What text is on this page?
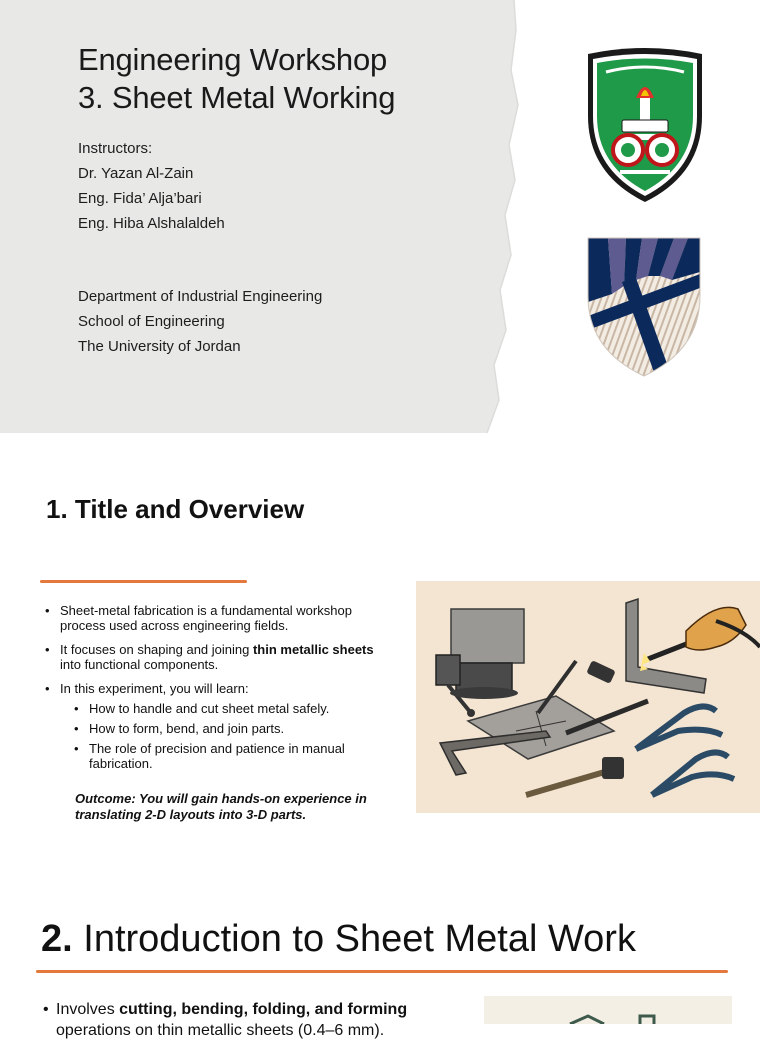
Engineering Workshop
3. Sheet Metal Working
Instructors:
Dr. Yazan Al-Zain
Eng. Fida’ Alja’bari
Eng. Hiba Alshalaldeh
Department of Industrial Engineering
School of Engineering
The University of Jordan
1. Title and Overview
• Sheet-metal fabrication is a fundamental workshop process used across engineering fields.
• It focuses on shaping and joining thin metallic sheets into functional components.
• In this experiment, you will learn:
• How to handle and cut sheet metal safely.
• How to form, bend, and join parts.
• The role of precision and patience in manual fabrication.
Outcome: You will gain hands-on experience in translating 2-D layouts into 3-D parts.
2. Introduction to Sheet Metal Work
• Involves cutting, bending, folding, and forming operations on thin metallic sheets (0.4–6 mm).
